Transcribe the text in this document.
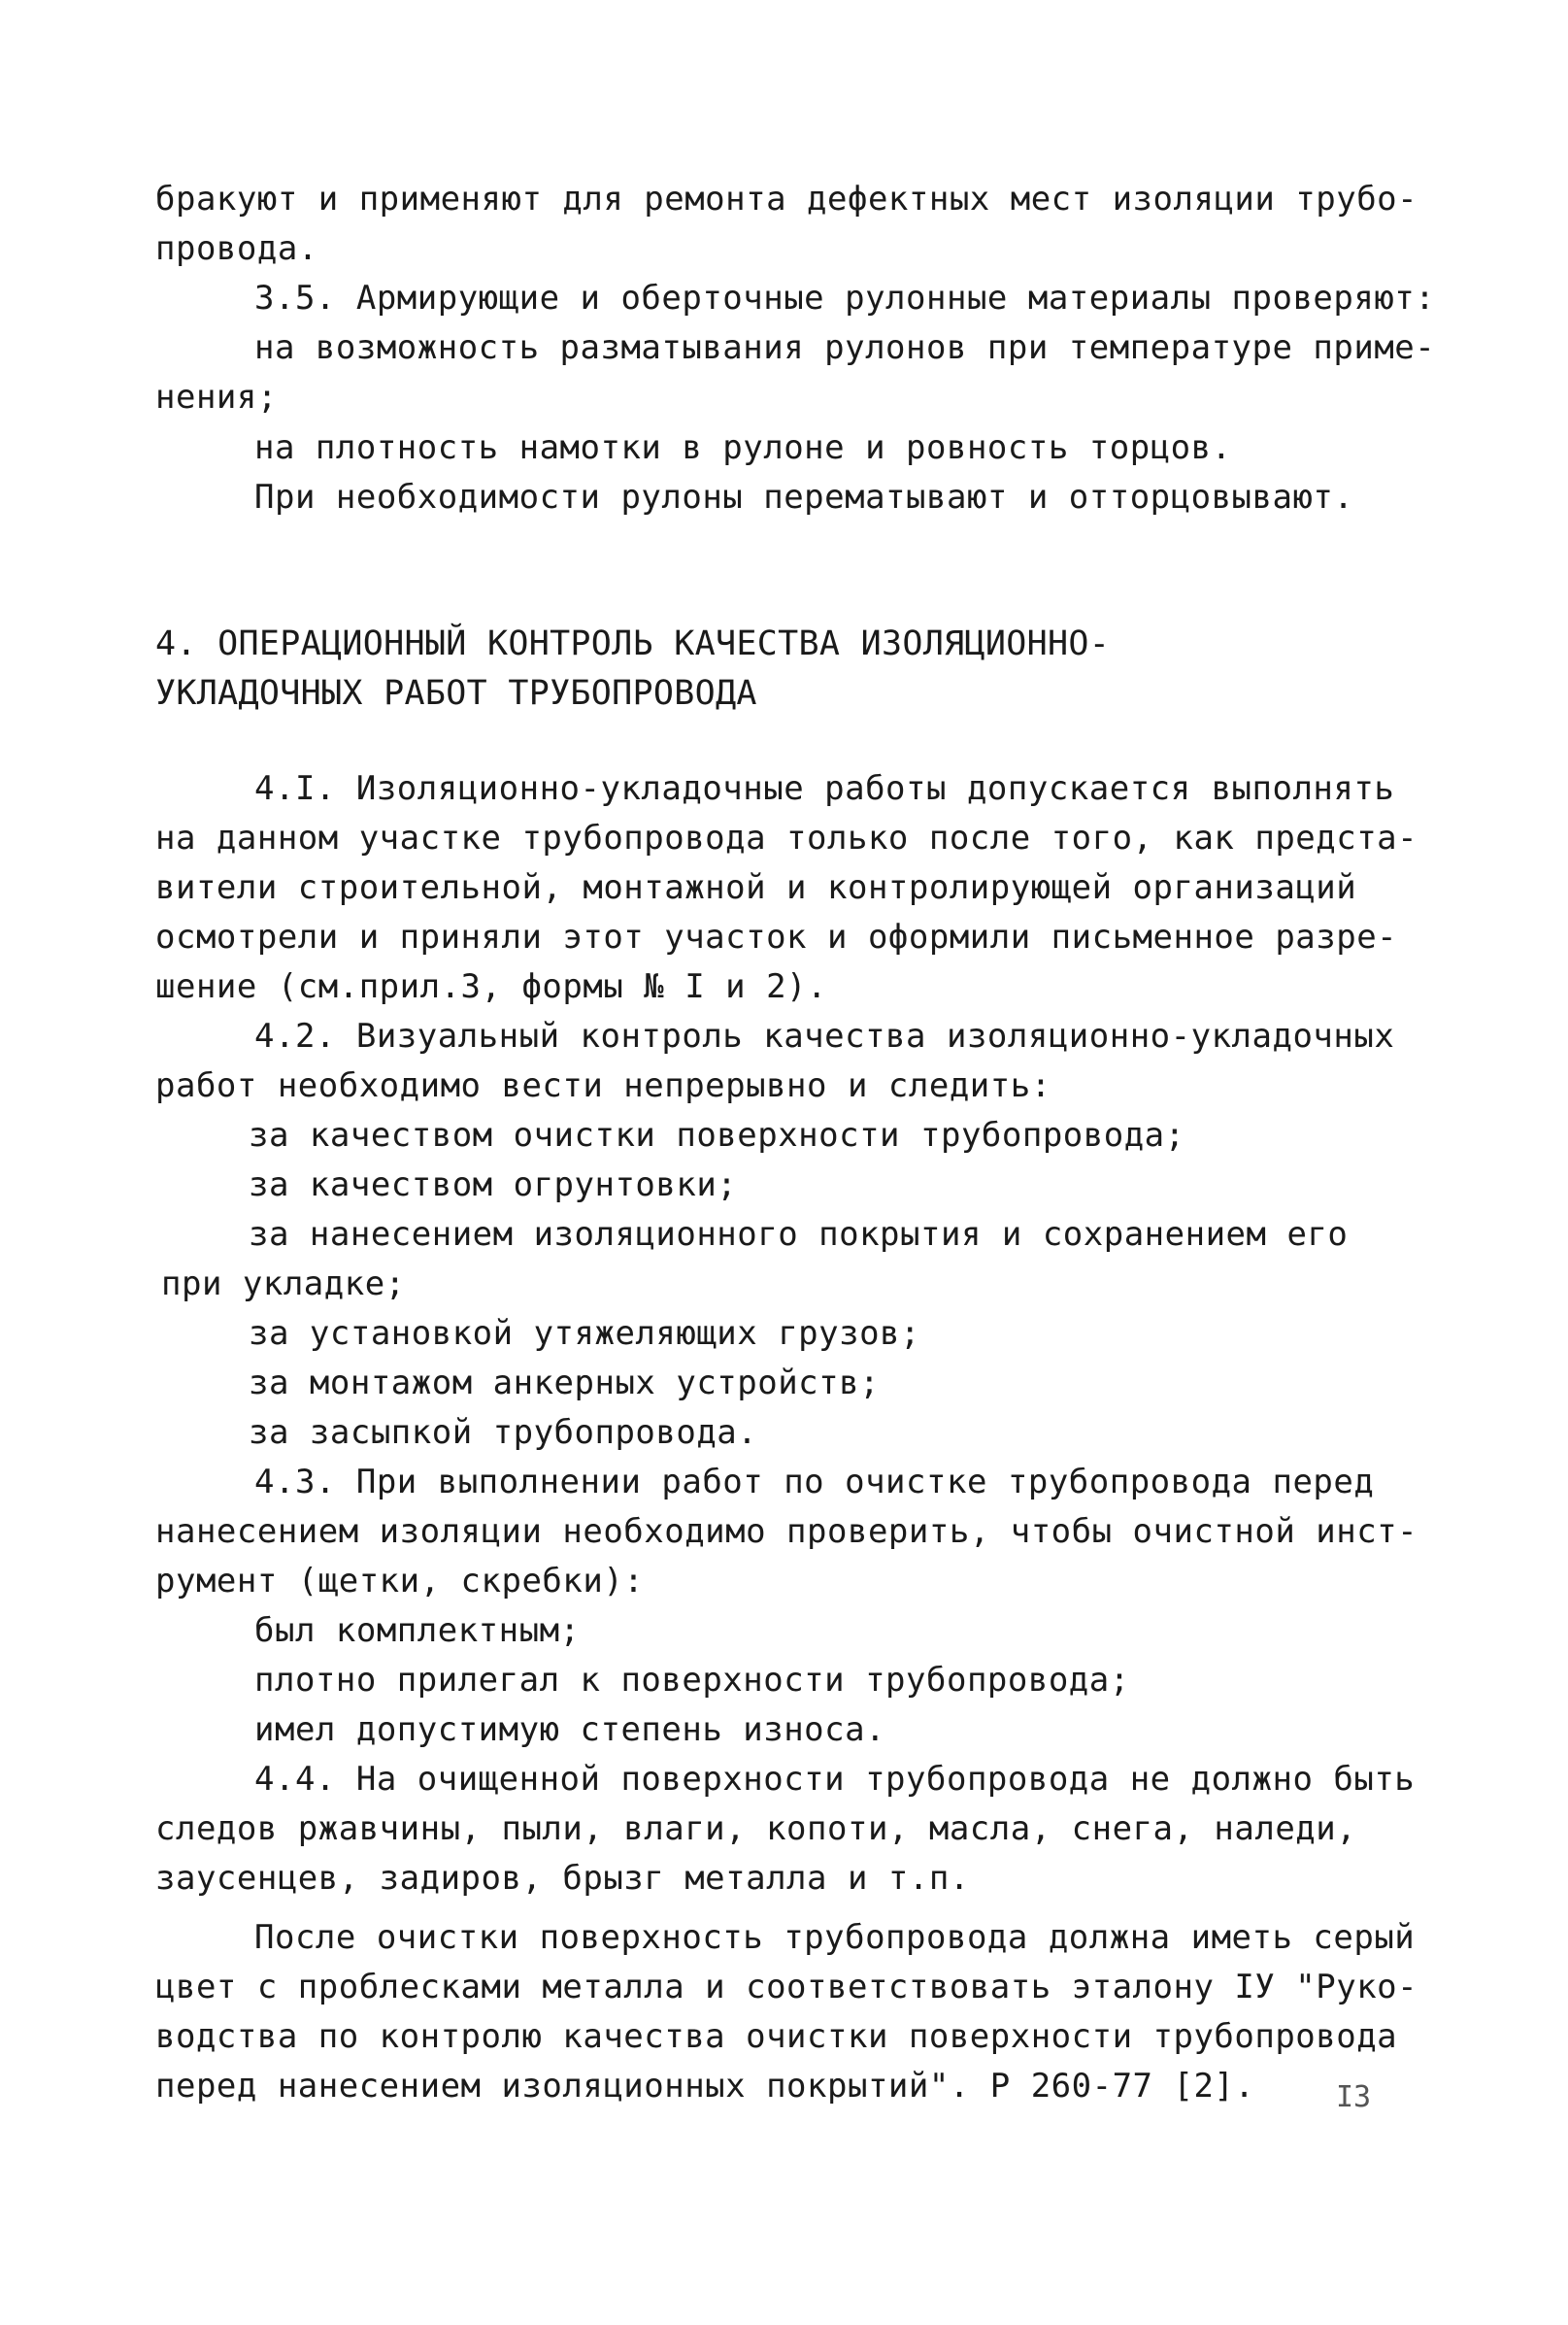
бракуют и применяют для ремонта дефектных мест изоляции трубо-
провода.
3.5. Армирующие и оберточные рулонные материалы проверяют:
на возможность разматывания рулонов при температуре приме-
нения;
на плотность намотки в рулоне и ровность торцов.
При необходимости рулоны перематывают и отторцовывают.
4. ОПЕРАЦИОННЫЙ КОНТРОЛЬ КАЧЕСТВА ИЗОЛЯЦИОННО-
УКЛАДОЧНЫХ РАБОТ ТРУБОПРОВОДА
4.I. Изоляционно-укладочные работы допускается выполнять
на данном участке трубопровода только после того, как предста-
вители строительной, монтажной и контролирующей организаций
осмотрели и приняли этот участок и оформили письменное разре-
шение (см.прил.3, формы № I и 2).
4.2. Визуальный контроль качества изоляционно-укладочных
работ необходимо вести непрерывно и следить:
за качеством очистки поверхности трубопровода;
за качеством огрунтовки;
за нанесением изоляционного покрытия и сохранением его
при укладке;
за установкой утяжеляющих грузов;
за монтажом анкерных устройств;
за засыпкой трубопровода.
4.3. При выполнении работ по очистке трубопровода перед
нанесением изоляции необходимо проверить, чтобы очистной инст-
румент (щетки, скребки):
был комплектным;
плотно прилегал к поверхности трубопровода;
имел допустимую степень износа.
4.4. На очищенной поверхности трубопровода не должно быть
следов ржавчины, пыли, влаги, копоти, масла, снега, наледи,
заусенцев, задиров, брызг металла и т.п.
После очистки поверхность трубопровода должна иметь серый
цвет с проблесками металла и соответствовать эталону IУ "Руко-
водства по контролю качества очистки поверхности трубопровода
перед нанесением изоляционных покрытий". Р 260-77 [2].	I3
